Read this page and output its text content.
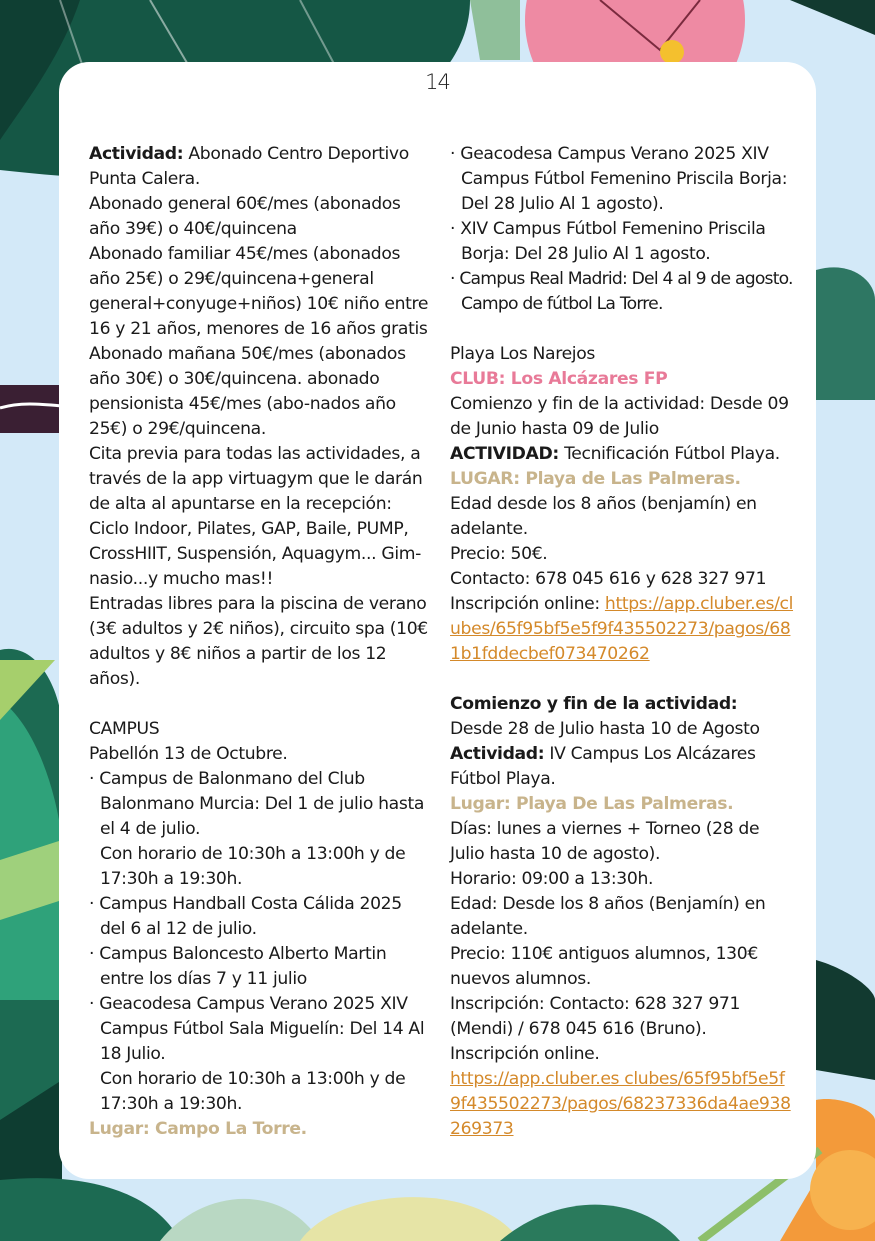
14

Actividad: Abonado Centro Deportivo Punta Calera.

Abonado general 60€/mes (abonados año 39€) o 40€/quincena

Abonado familiar 45€/mes (abonados año 25€) o 29€/quincena+general general+conyuge+niños) 10€ niño entre 16 y 21 años, menores de 16 años gratis

Abonado mañana 50€/mes (abonados año 30€) o 30€/quincena. abonado pensionista 45€/mes (abo-nados año 25€) o 29€/quincena.

Cita previa para todas las actividades, a través de la app virtuagym que le darán de alta al apuntarse en la recepción: Ciclo Indoor, Pilates, GAP, Baile, PUMP, CrossHIIT, Suspensión, Aquagym... Gim-nasio...y mucho mas!!

Entradas libres para la piscina de verano (3€ adultos y 2€ niños), circuito spa (10€ adultos y 8€ niños a partir de los 12 años).

CAMPUS

Pabellón 13 de Octubre.

· Campus de Balonmano del Club Balonmano Murcia: Del 1 de julio hasta el 4 de julio.

Con horario de 10:30h a 13:00h y de 17:30h a 19:30h.

· Campus Handball Costa Cálida 2025 del 6 al 12 de julio.

· Campus Baloncesto Alberto Martin entre los días 7 y 11 julio

· Geacodesa Campus Verano 2025 XIV Campus Fútbol Sala Miguelín: Del 14 Al 18 Julio.

Con horario de 10:30h a 13:00h y de 17:30h a 19:30h.

Lugar: Campo La Torre.

· Geacodesa Campus Verano 2025 XIV Campus Fútbol Femenino Priscila Borja: Del 28 Julio Al 1 agosto).

· XIV Campus Fútbol Femenino Priscila Borja: Del 28 Julio Al 1 agosto.

· Campus Real Madrid: Del 4 al 9 de agosto. Campo de fútbol La Torre.

Playa Los Narejos

CLUB: Los Alcázares FP

Comienzo y fin de la actividad: Desde 09 de Junio hasta 09 de Julio

ACTIVIDAD: Tecnificación Fútbol Playa.

LUGAR: Playa de Las Palmeras.

Edad desde los 8 años (benjamín) en adelante.

Precio: 50€.

Contacto: 678 045 616 y 628 327 971

Inscripción online: https://app.cluber.es/clubes/65f95bf5e5f9f435502273/pagos/681b1fddecbef073470262

Comienzo y fin de la actividad:

Desde 28 de Julio hasta 10 de Agosto

Actividad: IV Campus Los Alcázares Fútbol Playa.

Lugar: Playa De Las Palmeras.

Días: lunes a viernes + Torneo (28 de Julio hasta 10 de agosto).

Horario: 09:00 a 13:30h.

Edad: Desde los 8 años (Benjamín) en adelante.

Precio: 110€ antiguos alumnos, 130€ nuevos alumnos.

Inscripción: Contacto: 628 327 971 (Mendi) / 678 045 616 (Bruno).

Inscripción online.

https://app.cluber.es clubes/65f95bf5e5f9f435502273/pagos/68237336da4ae938269373
